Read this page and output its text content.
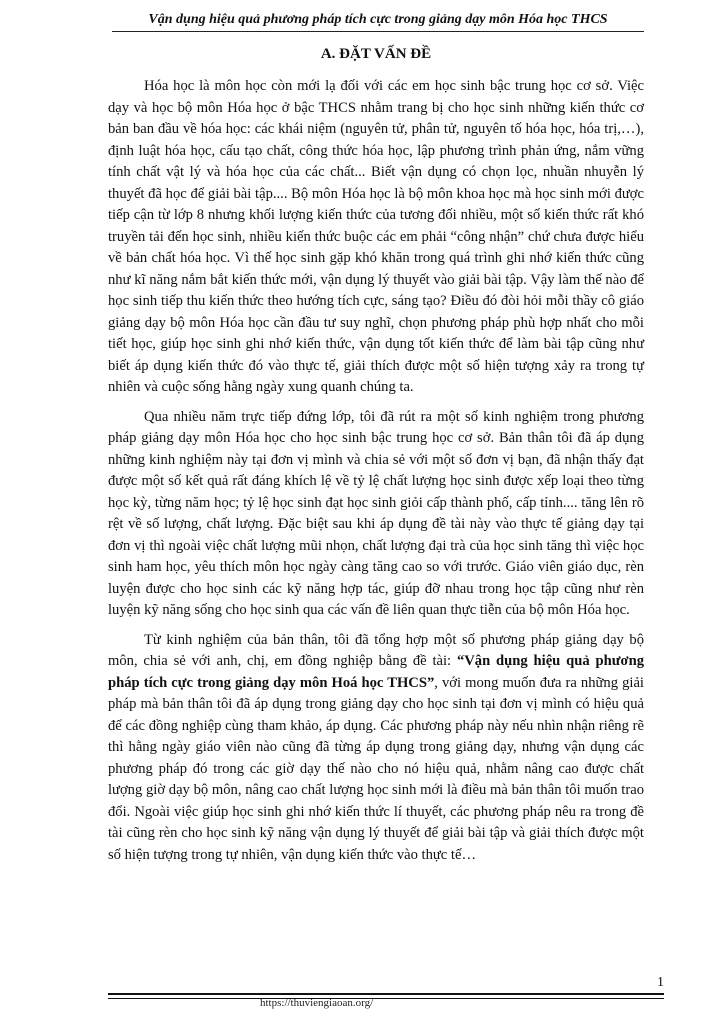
Vận dụng hiệu quả phương pháp tích cực trong giảng dạy môn Hóa học THCS
A. ĐẶT VẤN ĐỀ

Hóa học là môn học còn mới lạ đối với các em học sinh bậc trung học cơ sở. Việc dạy và học bộ môn Hóa học ở bậc THCS nhằm trang bị cho học sinh những kiến thức cơ bản ban đầu về hóa học: các khái niệm (nguyên tử, phân tử, nguyên tố hóa học, hóa trị,…), định luật hóa học, cấu tạo chất, công thức hóa học, lập phương trình phản ứng, nắm vững tính chất vật lý và hóa học của các chất... Biết vận dụng có chọn lọc, nhuần nhuyễn lý thuyết đã học để giải bài tập.... Bộ môn Hóa học là bộ môn khoa học mà học sinh mới được tiếp cận từ lớp 8 nhưng khối lượng kiến thức của tương đối nhiều, một số kiến thức rất khó truyền tải đến học sinh, nhiều kiến thức buộc các em phải “công nhận” chứ chưa được hiểu về bản chất hóa học. Vì thế học sinh gặp khó khăn trong quá trình ghi nhớ kiến thức cũng như kĩ năng nắm bắt kiến thức mới, vận dụng lý thuyết vào giải bài tập. Vậy làm thế nào để học sinh tiếp thu kiến thức theo hướng tích cực, sáng tạo? Điều đó đòi hỏi mỗi thầy cô giáo giảng dạy bộ môn Hóa học cần đầu tư suy nghĩ, chọn phương pháp phù hợp nhất cho mỗi tiết học, giúp học sinh ghi nhớ kiến thức, vận dụng tốt kiến thức để làm bài tập cũng như biết áp dụng kiến thức đó vào thực tế, giải thích được một số hiện tượng xảy ra trong tự nhiên và cuộc sống hằng ngày xung quanh chúng ta.

Qua nhiều năm trực tiếp đứng lớp, tôi đã rút ra một số kinh nghiệm trong phương pháp giảng dạy môn Hóa học cho học sinh bậc trung học cơ sở. Bản thân tôi đã áp dụng những kinh nghiệm này tại đơn vị mình và chia sẻ với một số đơn vị bạn, đã nhận thấy đạt được một số kết quả rất đáng khích lệ về tỷ lệ chất lượng học sinh được xếp loại theo từng học kỳ, từng năm học; tỷ lệ học sinh đạt học sinh giỏi cấp thành phố, cấp tỉnh.... tăng lên rõ rệt về số lượng, chất lượng. Đặc biệt sau khi áp dụng đề tài này vào thực tế giảng dạy tại đơn vị thì ngoài việc chất lượng mũi nhọn, chất lượng đại trà của học sinh tăng thì việc học sinh ham học, yêu thích môn học ngày càng tăng cao so với trước. Giáo viên giáo dục, rèn luyện được cho học sinh các kỹ năng hợp tác, giúp đỡ nhau trong học tập cũng như rèn luyện kỹ năng sống cho học sinh qua các vấn đề liên quan thực tiễn của bộ môn Hóa học.

Từ kinh nghiệm của bản thân, tôi đã tổng hợp một số phương pháp giảng dạy bộ môn, chia sẻ với anh, chị, em đồng nghiệp bằng đề tài: “Vận dụng hiệu quả phương pháp tích cực trong giảng dạy môn Hoá học THCS”, với mong muốn đưa ra những giải pháp mà bản thân tôi đã áp dụng trong giảng dạy cho học sinh tại đơn vị mình có hiệu quả để các đồng nghiệp cùng tham khảo, áp dụng. Các phương pháp này nếu nhìn nhận riêng rẽ thì hằng ngày giáo viên nào cũng đã từng áp dụng trong giảng dạy, nhưng vận dụng các phương pháp đó trong các giờ dạy thế nào cho nó hiệu quả, nhằm nâng cao được chất lượng giờ dạy bộ môn, nâng cao chất lượng học sinh mới là điều mà bản thân tôi muốn trao đổi. Ngoài việc giúp học sinh ghi nhớ kiến thức lí thuyết, các phương pháp nêu ra trong đề tài cũng rèn cho học sinh kỹ năng vận dụng lý thuyết để giải bài tập và giải thích được một số hiện tượng trong tự nhiên, vận dụng kiến thức vào thực tế…

1
https://thuviengiaoan.org/
